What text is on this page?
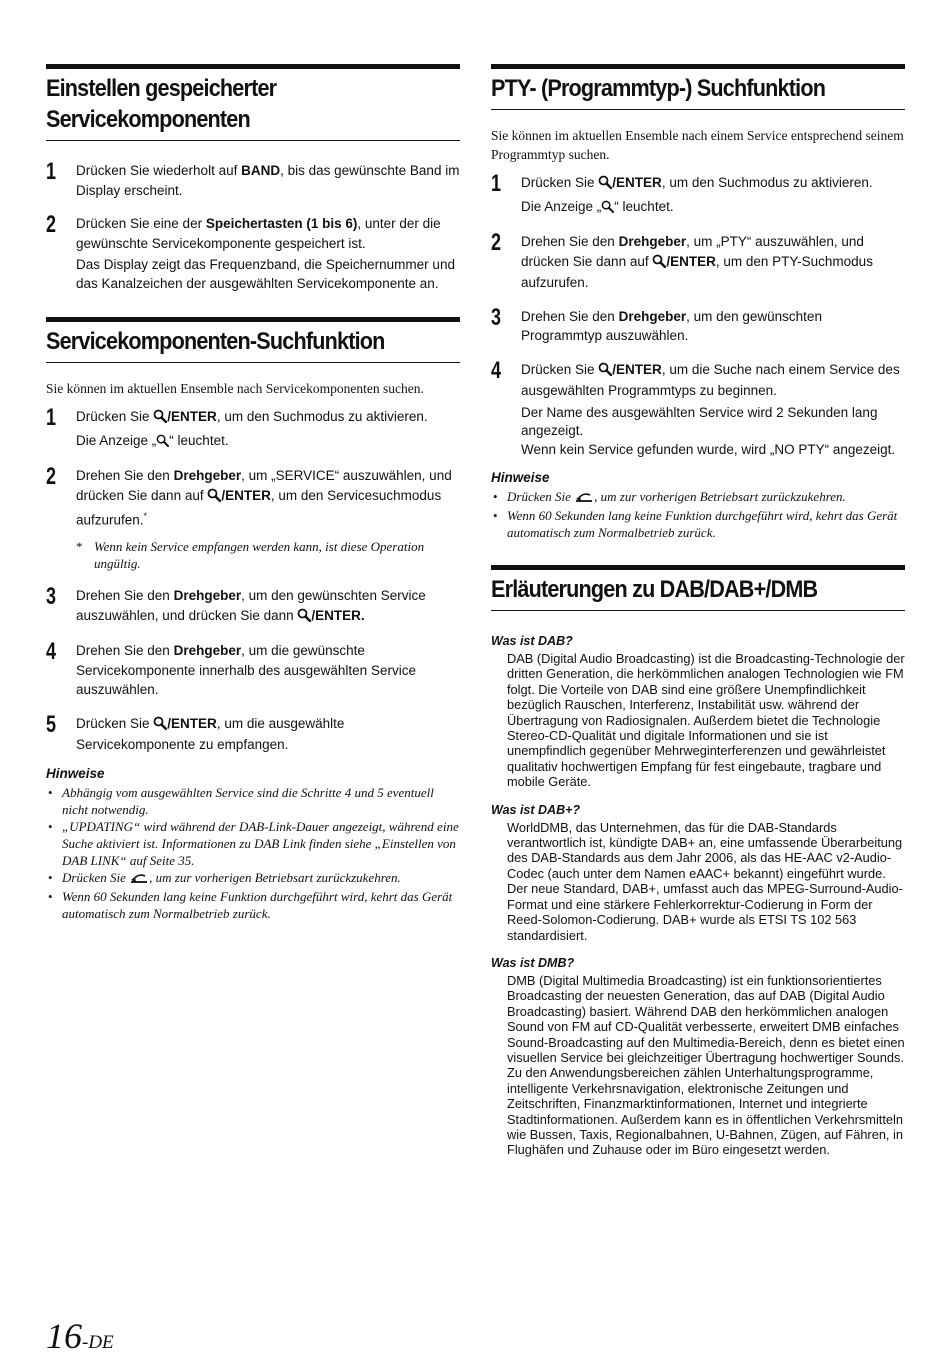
Einstellen gespeicherter Servicekomponenten
1 Drücken Sie wiederholt auf BAND, bis das gewünschte Band im Display erscheint.

2 Drücken Sie eine der Speichertasten (1 bis 6), unter der die gewünschte Servicekomponente gespeichert ist.

Das Display zeigt das Frequenzband, die Speichernummer und das Kanalzeichen der ausgewählten Servicekomponente an.

Servicekomponenten-Suchfunktion

Sie können im aktuellen Ensemble nach Servicekomponenten suchen.

1 Drücken Sie /ENTER, um den Suchmodus zu aktivieren.

Die Anzeige „ “ leuchtet.

2 Drehen Sie den Drehgeber, um „SERVICE“ auszuwählen, und drücken Sie dann auf /ENTER, um den Servicesuchmodus aufzurufen.*

* Wenn kein Service empfangen werden kann, ist diese Operation ungültig.

3 Drehen Sie den Drehgeber, um den gewünschten Service auszuwählen, und drücken Sie dann /ENTER.

4 Drehen Sie den Drehgeber, um die gewünschte Servicekomponente innerhalb des ausgewählten Service auszuwählen.

5 Drücken Sie /ENTER, um die ausgewählte Servicekomponente zu empfangen.

Hinweise

• Abhängig vom ausgewählten Service sind die Schritte 4 und 5 eventuell nicht notwendig.
• „UPDATING“ wird während der DAB-Link-Dauer angezeigt, während eine Suche aktiviert ist. Informationen zu DAB Link finden siehe „Einstellen von DAB LINK“ auf Seite 35.
• Drücken Sie , um zur vorherigen Betriebsart zurückzukehren.
• Wenn 60 Sekunden lang keine Funktion durchgeführt wird, kehrt das Gerät automatisch zum Normalbetrieb zurück.
PTY- (Programmtyp-) Suchfunktion

Sie können im aktuellen Ensemble nach einem Service entsprechend seinem Programmtyp suchen.

1 Drücken Sie /ENTER, um den Suchmodus zu aktivieren.

Die Anzeige „ “ leuchtet.

2 Drehen Sie den Drehgeber, um „PTY“ auszuwählen, und drücken Sie dann auf /ENTER, um den PTY-Suchmodus aufzurufen.

3 Drehen Sie den Drehgeber, um den gewünschten Programmtyp auszuwählen.

4 Drücken Sie /ENTER, um die Suche nach einem Service des ausgewählten Programmtyps zu beginnen.

Der Name des ausgewählten Service wird 2 Sekunden lang angezeigt.

Wenn kein Service gefunden wurde, wird „NO PTY“ angezeigt.

Hinweise

• Drücken Sie , um zur vorherigen Betriebsart zurückzukehren.
• Wenn 60 Sekunden lang keine Funktion durchgeführt wird, kehrt das Gerät automatisch zum Normalbetrieb zurück.
Erläuterungen zu DAB/DAB+/DMB

Was ist DAB?

DAB (Digital Audio Broadcasting) ist die Broadcasting-Technologie der dritten Generation, die herkömmlichen analogen Technologien wie FM folgt. Die Vorteile von DAB sind eine größere Unempfindlichkeit bezüglich Rauschen, Interferenz, Instabilität usw. während der Übertragung von Radiosignalen. Außerdem bietet die Technologie Stereo-CD-Qualität und digitale Informationen und sie ist unempfindlich gegenüber Mehrweginterferenzen und gewährleistet qualitativ hochwertigen Empfang für fest eingebaute, tragbare und mobile Geräte.

Was ist DAB+?

WorldDMB, das Unternehmen, das für die DAB-Standards verantwortlich ist, kündigte DAB+ an, eine umfassende Überarbeitung des DAB-Standards aus dem Jahr 2006, als das HE-AAC v2-Audio-Codec (auch unter dem Namen eAAC+ bekannt) eingeführt wurde. Der neue Standard, DAB+, umfasst auch das MPEG-Surround-Audio-Format und eine stärkere Fehlerkorrektur-Codierung in Form der Reed-Solomon-Codierung. DAB+ wurde als ETSI TS 102 563 standardisiert.

Was ist DMB?

DMB (Digital Multimedia Broadcasting) ist ein funktionsorientiertes Broadcasting der neuesten Generation, das auf DAB (Digital Audio Broadcasting) basiert. Während DAB den herkömmlichen analogen Sound von FM auf CD-Qualität verbesserte, erweitert DMB einfaches Sound-Broadcasting auf den Multimedia-Bereich, denn es bietet einen visuellen Service bei gleichzeitiger Übertragung hochwertiger Sounds. Zu den Anwendungsbereichen zählen Unterhaltungsprogramme, intelligente Verkehrsnavigation, elektronische Zeitungen und Zeitschriften, Finanzmarktinformationen, Internet und integrierte Stadtinformationen. Außerdem kann es in öffentlichen Verkehrsmitteln wie Bussen, Taxis, Regionalbahnen, U-Bahnen, Zügen, auf Fähren, in Flughäfen und Zuhause oder im Büro eingesetzt werden.

16-DE
